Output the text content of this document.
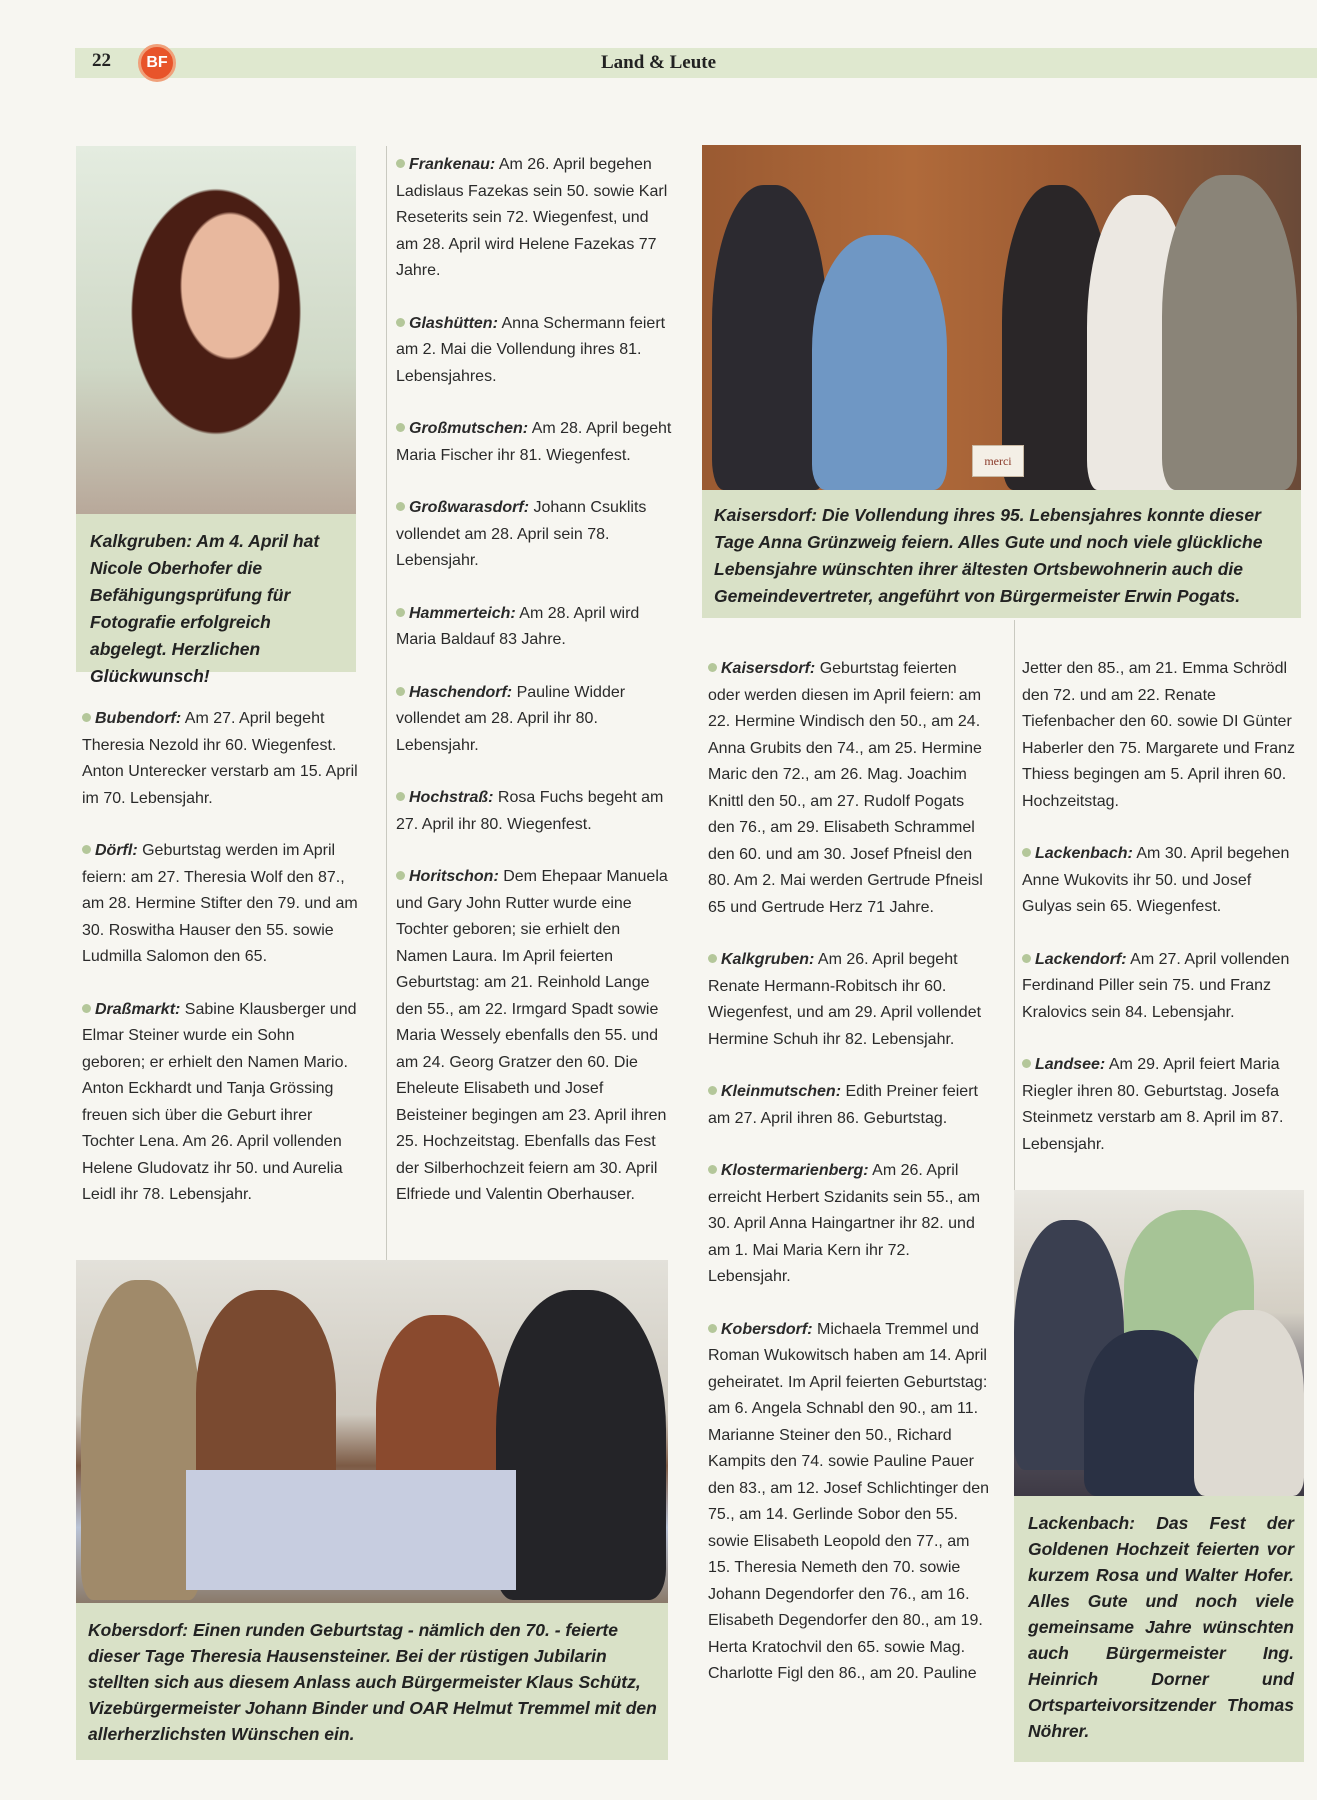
22	BF	Land & Leute
merci
Kalkgruben: Am 4. April hat Nicole Oberhofer die Befähigungsprüfung für Fotografie erfolgreich abgelegt. Herzlichen Glückwunsch!
Kaisersdorf: Die Vollendung ihres 95. Lebensjahres konnte dieser Tage Anna Grünzweig feiern. Alles Gute und noch viele glückliche Lebensjahre wünschten ihrer ältesten Ortsbewohnerin auch die Gemeindevertreter, angeführt von Bürgermeister Erwin Pogats.
Kobersdorf: Einen runden Geburtstag - nämlich den 70. - feierte dieser Tage Theresia Hausensteiner. Bei der rüstigen Jubilarin stellten sich aus diesem Anlass auch Bürgermeister Klaus Schütz, Vizebürgermeister Johann Binder und OAR Helmut Tremmel mit den allerherzlichsten Wünschen ein.
Lackenbach: Das Fest der Goldenen Hochzeit feierten vor kurzem Rosa und Walter Hofer. Alles Gute und noch viele gemeinsame Jahre wünschten auch Bürgermeister Ing. Heinrich Dorner und Ortsparteivorsitzender Thomas Nöhrer.

Bubendorf: Am 27. April begeht Theresia Nezold ihr 60. Wiegenfest. Anton Unterecker verstarb am 15. April im 70. Lebensjahr.

Dörfl: Geburtstag werden im April feiern: am 27. Theresia Wolf den 87., am 28. Hermine Stifter den 79. und am 30. Roswitha Hauser den 55. sowie Ludmilla Salomon den 65.

Draßmarkt: Sabine Klausberger und Elmar Steiner wurde ein Sohn geboren; er erhielt den Namen Mario. Anton Eckhardt und Tanja Grössing freuen sich über die Geburt ihrer Tochter Lena. Am 26. April vollenden Helene Gludovatz ihr 50. und Aurelia Leidl ihr 78. Lebensjahr.

Frankenau: Am 26. April begehen Ladislaus Fazekas sein 50. sowie Karl Reseterits sein 72. Wiegenfest, und am 28. April wird Helene Fazekas 77 Jahre.

Glashütten: Anna Schermann feiert am 2. Mai die Vollendung ihres 81. Lebensjahres.

Großmutschen: Am 28. April begeht Maria Fischer ihr 81. Wiegenfest.

Großwarasdorf: Johann Csuklits vollendet am 28. April sein 78. Lebensjahr.

Hammerteich: Am 28. April wird Maria Baldauf 83 Jahre.

Haschendorf: Pauline Widder vollendet am 28. April ihr 80. Lebensjahr.

Hochstraß: Rosa Fuchs begeht am 27. April ihr 80. Wiegenfest.

Horitschon: Dem Ehepaar Manuela und Gary John Rutter wurde eine Tochter geboren; sie erhielt den Namen Laura. Im April feierten Geburtstag: am 21. Reinhold Lange den 55., am 22. Irmgard Spadt sowie Maria Wessely ebenfalls den 55. und am 24. Georg Gratzer den 60. Die Eheleute Elisabeth und Josef Beisteiner begingen am 23. April ihren 25. Hochzeitstag. Ebenfalls das Fest der Silberhochzeit feiern am 30. April Elfriede und Valentin Oberhauser.

Kaisersdorf: Geburtstag feierten oder werden diesen im April feiern: am 22. Hermine Windisch den 50., am 24. Anna Grubits den 74., am 25. Hermine Maric den 72., am 26. Mag. Joachim Knittl den 50., am 27. Rudolf Pogats den 76., am 29. Elisabeth Schrammel den 60. und am 30. Josef Pfneisl den 80. Am 2. Mai werden Gertrude Pfneisl 65 und Gertrude Herz 71 Jahre.

Kalkgruben: Am 26. April begeht Renate Hermann-Robitsch ihr 60. Wiegenfest, und am 29. April vollendet Hermine Schuh ihr 82. Lebensjahr.

Kleinmutschen: Edith Preiner feiert am 27. April ihren 86. Geburtstag.

Klostermarienberg: Am 26. April erreicht Herbert Szidanits sein 55., am 30. April Anna Haingartner ihr 82. und am 1. Mai Maria Kern ihr 72. Lebensjahr.

Kobersdorf: Michaela Tremmel und Roman Wukowitsch haben am 14. April geheiratet. Im April feierten Geburtstag: am 6. Angela Schnabl den 90., am 11. Marianne Steiner den 50., Richard Kampits den 74. sowie Pauline Pauer den 83., am 12. Josef Schlichtinger den 75., am 14. Gerlinde Sobor den 55. sowie Elisabeth Leopold den 77., am 15. Theresia Nemeth den 70. sowie Johann Degendorfer den 76., am 16. Elisabeth Degendorfer den 80., am 19. Herta Kratochvil den 65. sowie Mag. Charlotte Figl den 86., am 20. Pauline

Jetter den 85., am 21. Emma Schrödl den 72. und am 22. Renate Tiefenbacher den 60. sowie DI Günter Haberler den 75. Margarete und Franz Thiess begingen am 5. April ihren 60. Hochzeitstag.

Lackenbach: Am 30. April begehen Anne Wukovits ihr 50. und Josef Gulyas sein 65. Wiegenfest.

Lackendorf: Am 27. April vollenden Ferdinand Piller sein 75. und Franz Kralovics sein 84. Lebensjahr.

Landsee: Am 29. April feiert Maria Riegler ihren 80. Geburtstag. Josefa Steinmetz verstarb am 8. April im 87. Lebensjahr.
